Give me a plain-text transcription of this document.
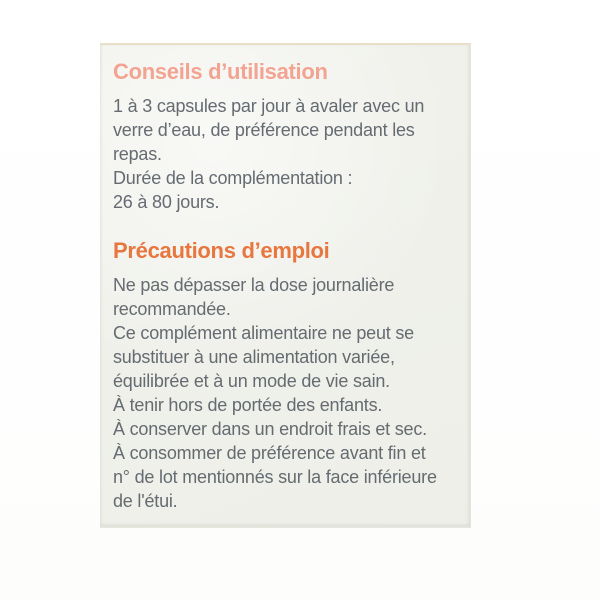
Conseils d’utilisation
1 à 3 capsules par jour à avaler avec un
verre d’eau, de préférence pendant les
repas.
Durée de la complémentation :
26 à 80 jours.
Précautions d’emploi
Ne pas dépasser la dose journalière
recommandée.
Ce complément alimentaire ne peut se
substituer à une alimentation variée,
équilibrée et à un mode de vie sain.
À tenir hors de portée des enfants.
À conserver dans un endroit frais et sec.
À consommer de préférence avant fin et
n° de lot mentionnés sur la face inférieure
de l'étui.
